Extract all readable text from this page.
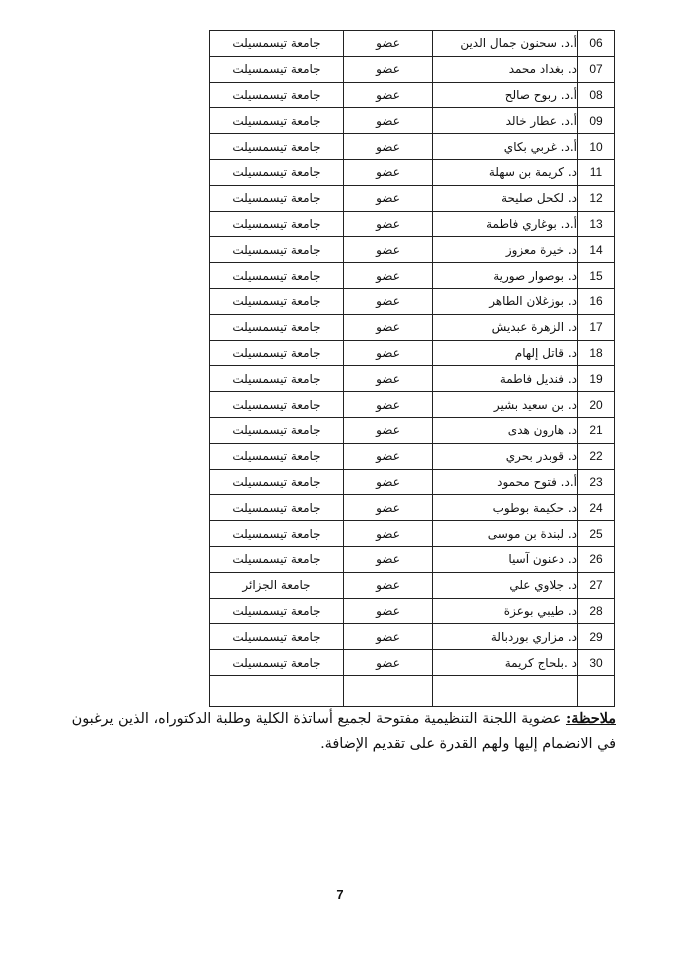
06	أ.د. سحنون جمال الدين	عضو	جامعة تيسمسيلت
07	د. بغداد محمد	عضو	جامعة تيسمسيلت
08	أ.د. ربوح صالح	عضو	جامعة تيسمسيلت
09	أ.د. عطار خالد	عضو	جامعة تيسمسيلت
10	أ.د. غربي بكاي	عضو	جامعة تيسمسيلت
11	د. كريمة بن سهلة	عضو	جامعة تيسمسيلت
12	د. لكحل صليحة	عضو	جامعة تيسمسيلت
13	أ.د. بوغاري فاطمة	عضو	جامعة تيسمسيلت
14	د. خيرة معزوز	عضو	جامعة تيسمسيلت
15	د. بوصوار صورية	عضو	جامعة تيسمسيلت
16	د. بوزغلان الطاهر	عضو	جامعة تيسمسيلت
17	د. الزهرة عبديش	عضو	جامعة تيسمسيلت
18	د. قاتل إلهام	عضو	جامعة تيسمسيلت
19	د. فنديل فاطمة	عضو	جامعة تيسمسيلت
20	د. بن سعيد بشير	عضو	جامعة تيسمسيلت
21	د. هارون هدى	عضو	جامعة تيسمسيلت
22	د. قوبدر بحري	عضو	جامعة تيسمسيلت
23	أ.د. فتوح محمود	عضو	جامعة تيسمسيلت
24	د. حكيمة بوطوب	عضو	جامعة تيسمسيلت
25	د. لبندة بن موسى	عضو	جامعة تيسمسيلت
26	د. دعنون آسيا	عضو	جامعة تيسمسيلت
27	د. جلاوي علي	عضو	جامعة الجزائر
28	د. طيبي بوعزة	عضو	جامعة تيسمسيلت
29	د. مزاري بوردبالة	عضو	جامعة تيسمسيلت
30	د .بلحاج كريمة	عضو	جامعة تيسمسيلت

ملاحظة: عضوية اللجنة التنظيمية مفتوحة لجميع أساتذة الكلية وطلبة الدكتوراه، الذين يرغبون في الانضمام إليها ولهم القدرة على تقديم الإضافة.

7
